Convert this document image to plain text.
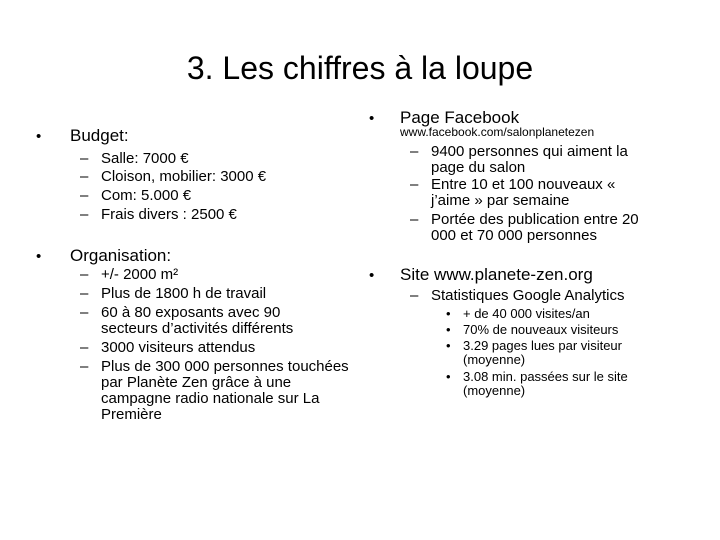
3. Les chiffres à la loupe
• Budget:
– Salle: 7000 €
– Cloison, mobilier: 3000 €
– Com: 5.000 €
– Frais divers : 2500 €
• Organisation:
– +/- 2000 m²
– Plus de 1800 h de travail
– 60 à 80 exposants avec 90 secteurs d’activités différents
– 3000 visiteurs attendus
– Plus de 300 000 personnes touchées par Planète Zen grâce à une campagne radio nationale sur La Première
• Page Facebook
www.facebook.com/salonplanetezen
– 9400 personnes qui aiment la page du salon
– Entre 10 et 100 nouveaux « j’aime » par semaine
– Portée des publication entre 20 000 et 70 000 personnes
• Site www.planete-zen.org
– Statistiques Google Analytics
• + de 40 000 visites/an
• 70% de nouveaux visiteurs
• 3.29 pages lues par visiteur (moyenne)
• 3.08 min. passées sur le site (moyenne)
